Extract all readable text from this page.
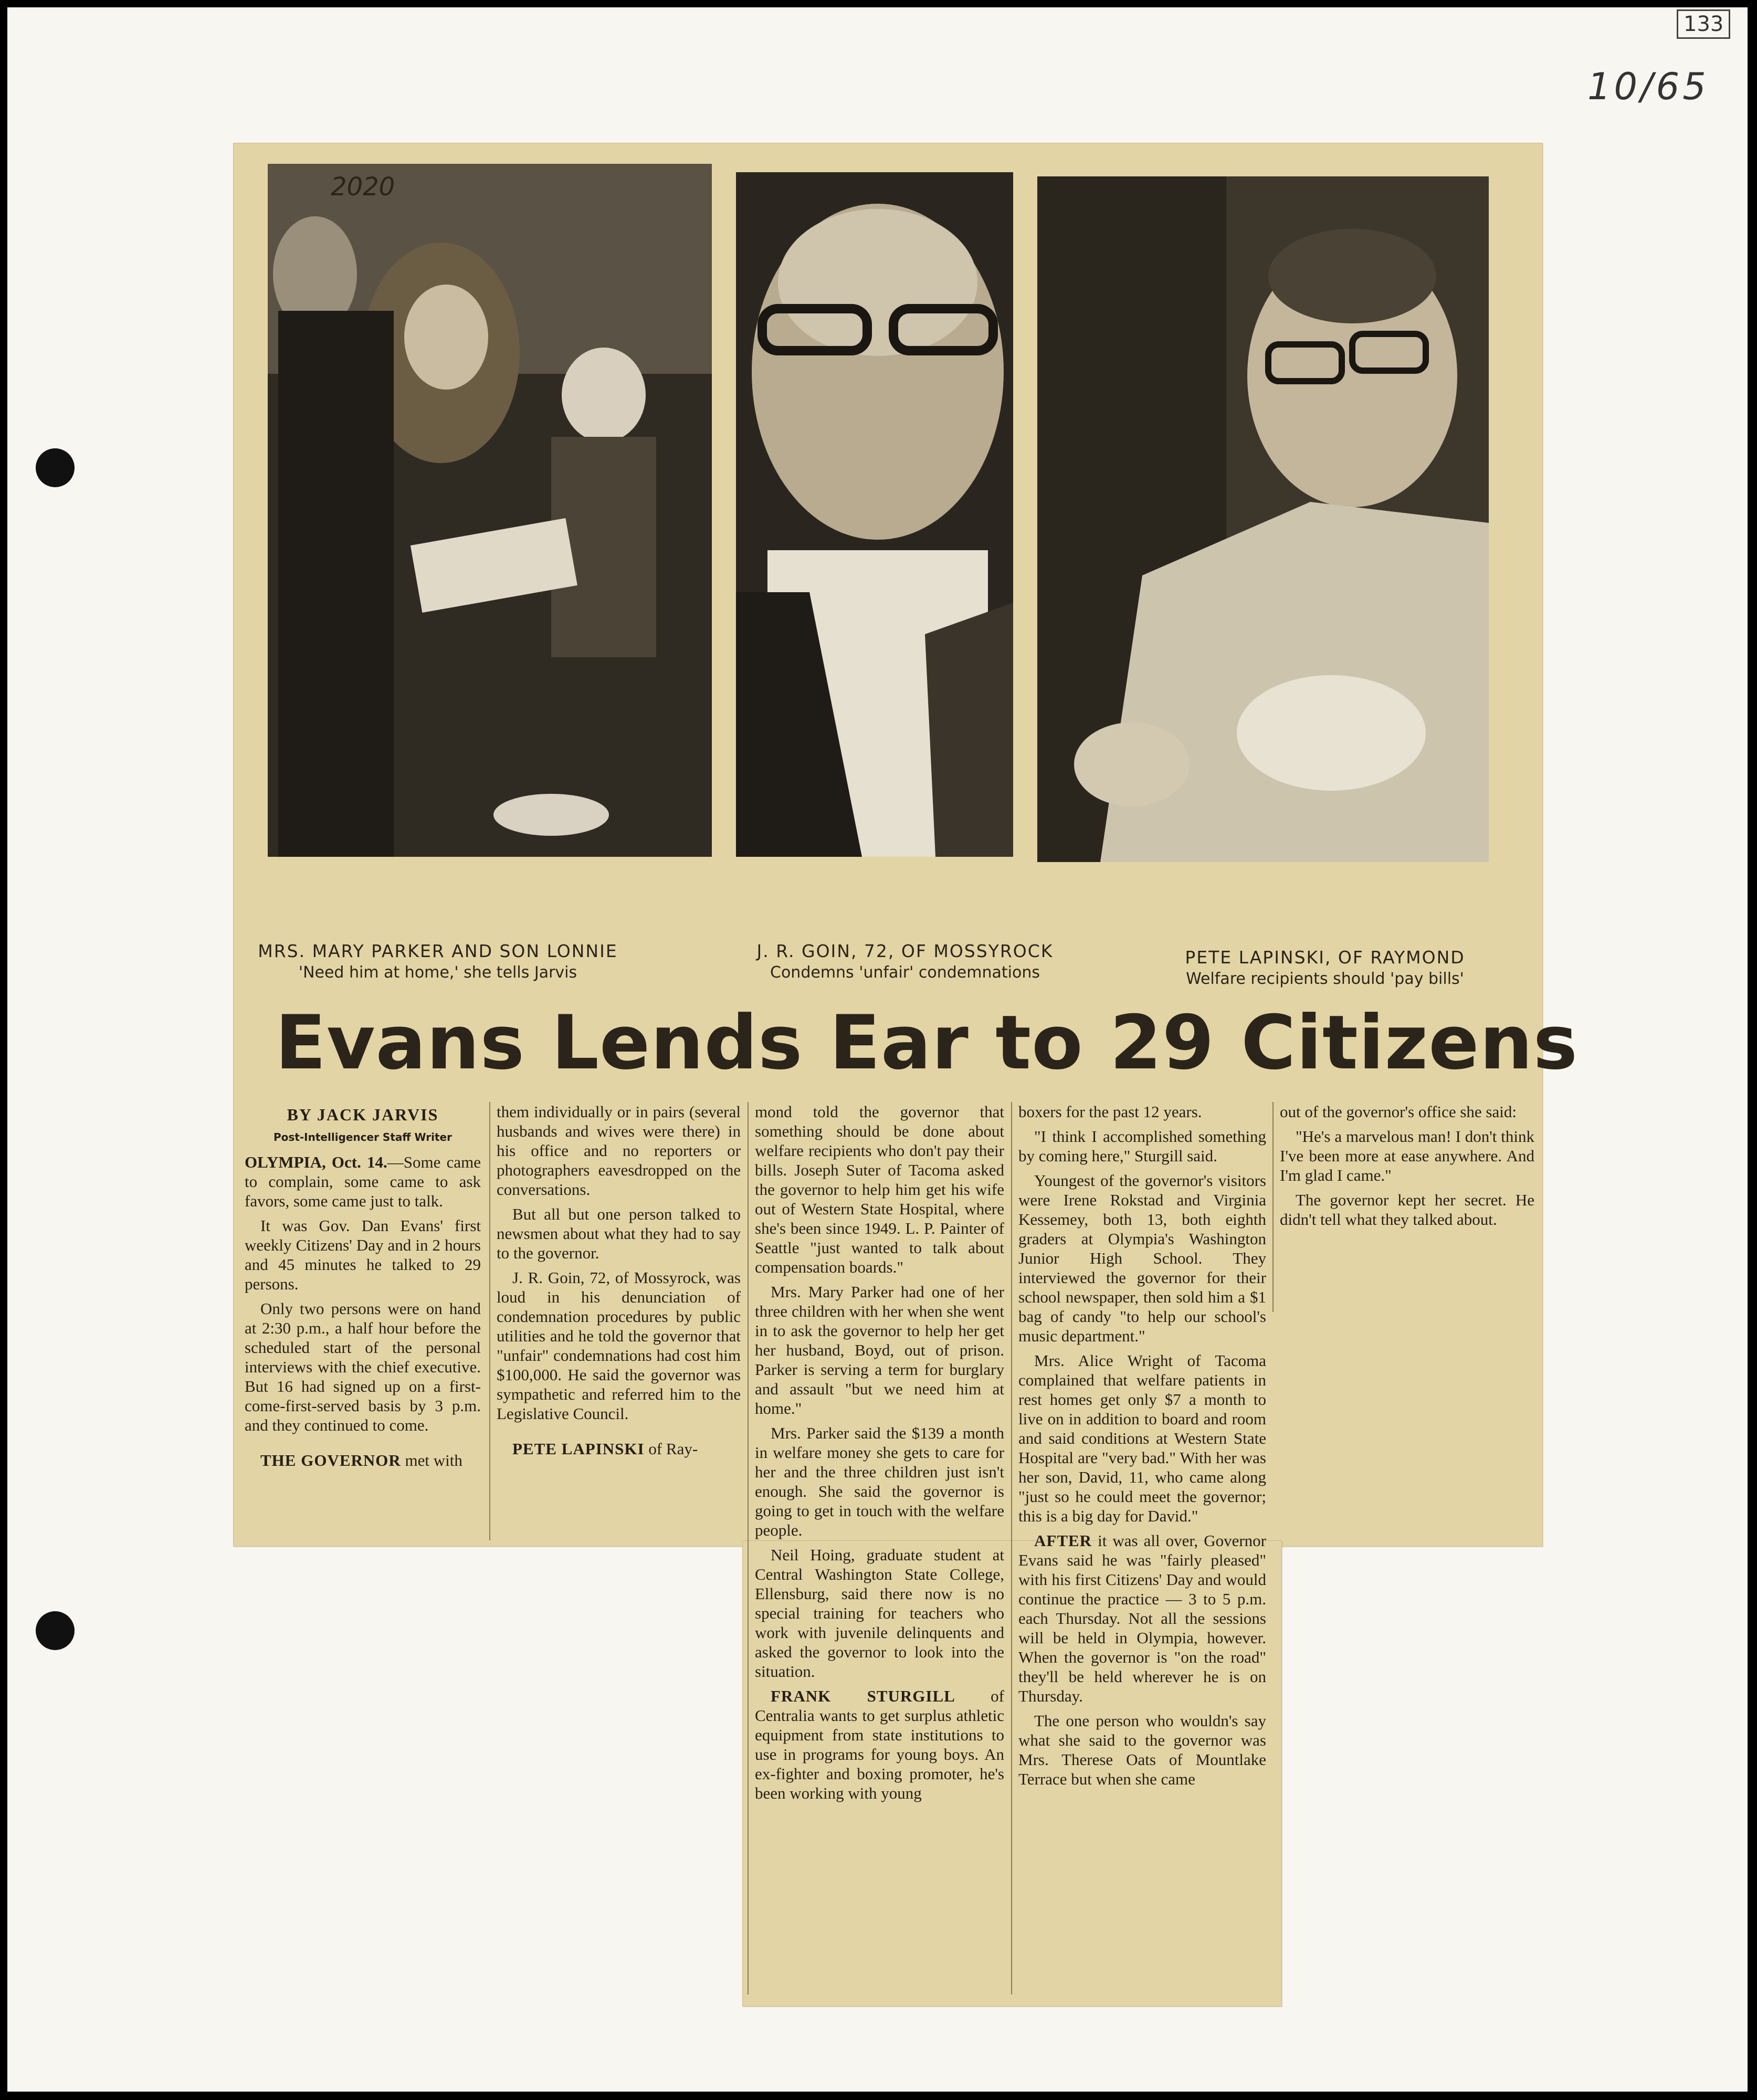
133
10/65
2020
MRS. MARY PARKER AND SON LONNIE
'Need him at home,' she tells Jarvis
J. R. GOIN, 72, OF MOSSYROCK
Condemns 'unfair' condemnations
PETE LAPINSKI, OF RAYMOND
Welfare recipients should 'pay bills'
Evans Lends Ear to 29 Citizens
BY JACK JARVIS
Post-Intelligencer Staff Writer

OLYMPIA, Oct. 14.—Some came to complain, some came to ask favors, some came just to talk.

It was Gov. Dan Evans' first weekly Citizens' Day and in 2 hours and 45 minutes he talked to 29 persons.

Only two persons were on hand at 2:30 p.m., a half hour before the scheduled start of the personal interviews with the chief executive. But 16 had signed up on a first-come-first-served basis by 3 p.m. and they continued to come.

THE GOVERNOR met with

them individually or in pairs (several husbands and wives were there) in his office and no reporters or photographers eavesdropped on the conversations.

But all but one person talked to newsmen about what they had to say to the governor.

J. R. Goin, 72, of Mossyrock, was loud in his denunciation of condemnation procedures by public utilities and he told the governor that "unfair" condemnations had cost him $100,000. He said the governor was sympathetic and referred him to the Legislative Council.

PETE LAPINSKI of Ray-

mond told the governor that something should be done about welfare recipients who don't pay their bills. Joseph Suter of Tacoma asked the governor to help him get his wife out of Western State Hospital, where she's been since 1949. L. P. Painter of Seattle "just wanted to talk about compensation boards."

Mrs. Mary Parker had one of her three children with her when she went in to ask the governor to help her get her husband, Boyd, out of prison. Parker is serving a term for burglary and assault "but we need him at home."

Mrs. Parker said the $139 a month in welfare money she gets to care for her and the three children just isn't enough. She said the governor is going to get in touch with the welfare people.

Neil Hoing, graduate student at Central Washington State College, Ellensburg, said there now is no special training for teachers who work with juvenile delinquents and asked the governor to look into the situation.

FRANK STURGILL of Centralia wants to get surplus athletic equipment from state institutions to use in programs for young boys. An ex-fighter and boxing promoter, he's been working with young

boxers for the past 12 years.

"I think I accomplished something by coming here," Sturgill said.

Youngest of the governor's visitors were Irene Rokstad and Virginia Kessemey, both 13, both eighth graders at Olympia's Washington Junior High School. They interviewed the governor for their school newspaper, then sold him a $1 bag of candy "to help our school's music department."

Mrs. Alice Wright of Tacoma complained that welfare patients in rest homes get only $7 a month to live on in addition to board and room and said conditions at Western State Hospital are "very bad." With her was her son, David, 11, who came along "just so he could meet the governor; this is a big day for David."

AFTER it was all over, Governor Evans said he was "fairly pleased" with his first Citizens' Day and would continue the practice — 3 to 5 p.m. each Thursday. Not all the sessions will be held in Olympia, however. When the governor is "on the road" they'll be held wherever he is on Thursday.

The one person who wouldn's say what she said to the governor was Mrs. Therese Oats of Mountlake Terrace but when she came

out of the governor's office she said:

"He's a marvelous man! I don't think I've been more at ease anywhere. And I'm glad I came."

The governor kept her secret. He didn't tell what they talked about.
